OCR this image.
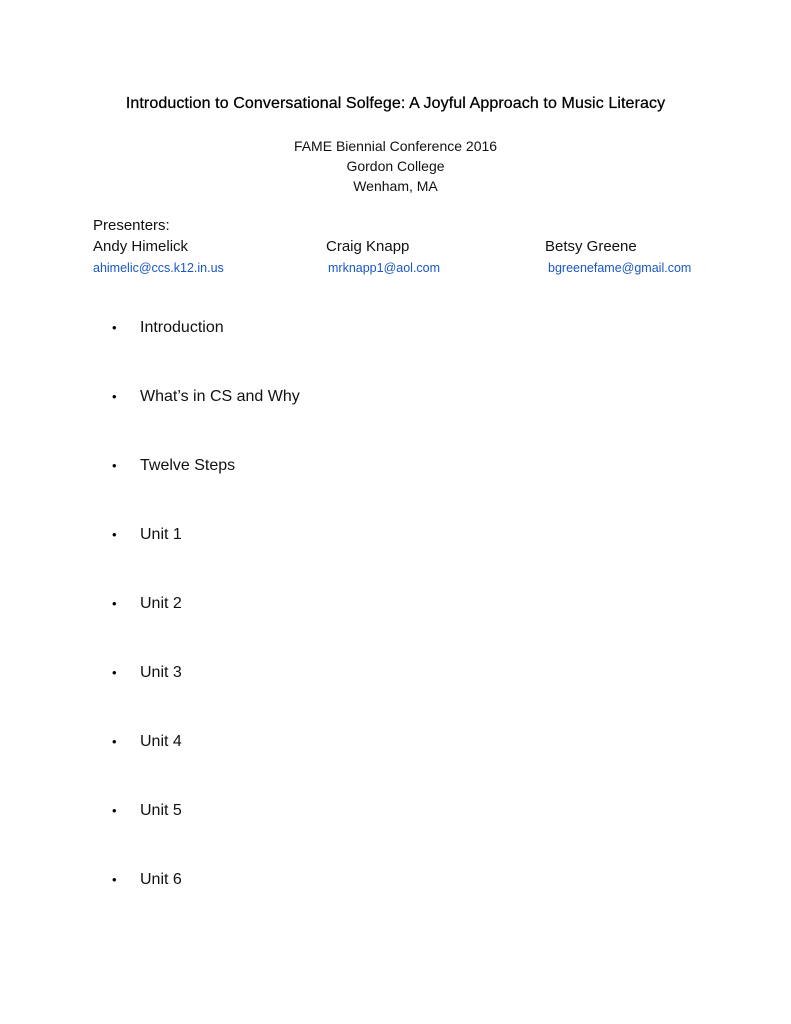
Introduction to Conversational Solfege: A Joyful Approach to Music Literacy
FAME Biennial Conference 2016
Gordon College
Wenham, MA
Presenters:
Andy Himelick	Craig Knapp	Betsy Greene
ahimelic@ccs.k12.in.us	mrknapp1@aol.com	bgreenefame@gmail.com
• Introduction
• What’s in CS and Why
• Twelve Steps
• Unit 1
• Unit 2
• Unit 3
• Unit 4
• Unit 5
• Unit 6
